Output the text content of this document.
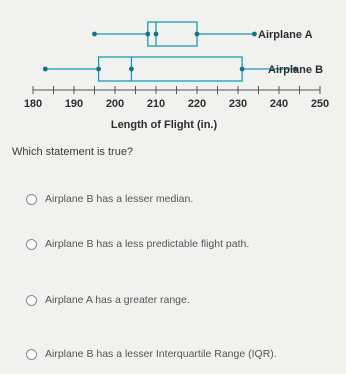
Airplane A
Airplane B
180 190 200 210 220 230 240 250
Length of Flight (in.)
Which statement is true?
Airplane B has a lesser median.
Airplane B has a less predictable flight path.
Airplane A has a greater range.
Airplane B has a lesser Interquartile Range (IQR).
